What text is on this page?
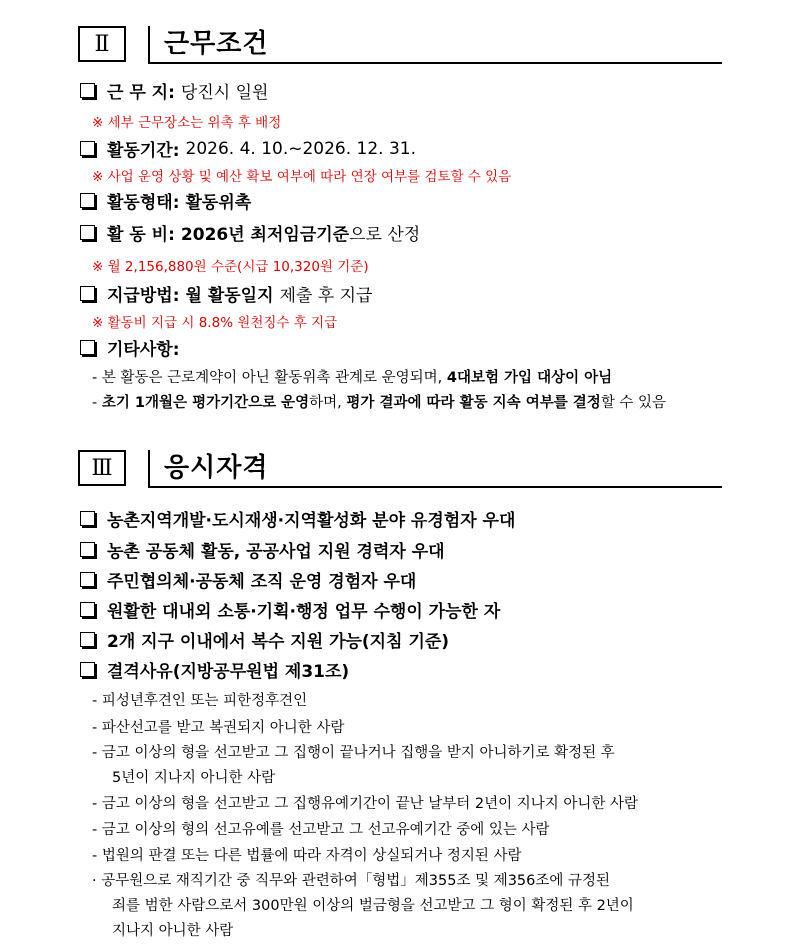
Ⅱ	근무조건
근 무 지: 당진시 일원
※ 세부 근무장소는 위촉 후 배정
활동기간: 2026. 4. 10.~2026. 12. 31.
※ 사업 운영 상황 및 예산 확보 여부에 따라 연장 여부를 검토할 수 있음
활동형태: 활동위촉
활 동 비: 2026년 최저임금기준 으로 산정
※ 월 2,156,880원 수준(시급 10,320원 기준)
지급방법: 월 활동일지 제출 후 지급
※ 활동비 지급 시 8.8% 원천징수 후 지급
기타사항:
- 본 활동은 근로계약이 아닌 활동위촉 관계로 운영되며, 4대보험 가입 대상이 아님
- 초기 1개월은 평가기간으로 운영하며, 평가 결과에 따라 활동 지속 여부를 결정할 수 있음
Ⅲ	응시자격
농촌지역개발·도시재생·지역활성화 분야 유경험자 우대
농촌 공동체 활동, 공공사업 지원 경력자 우대
주민협의체·공동체 조직 운영 경험자 우대
원활한 대내외 소통·기획·행정 업무 수행이 가능한 자
2개 지구 이내에서 복수 지원 가능(지침 기준)
결격사유(지방공무원법 제31조)
- 피성년후견인 또는 피한정후견인
- 파산선고를 받고 복권되지 아니한 사람
- 금고 이상의 형을 선고받고 그 집행이 끝나거나 집행을 받지 아니하기로 확정된 후
5년이 지나지 아니한 사람
- 금고 이상의 형을 선고받고 그 집행유예기간이 끝난 날부터 2년이 지나지 아니한 사람
- 금고 이상의 형의 선고유예를 선고받고 그 선고유예기간 중에 있는 사람
- 법원의 판결 또는 다른 법률에 따라 자격이 상실되거나 정지된 사람
· 공무원으로 재직기간 중 직무와 관련하여「형법」제355조 및 제356조에 규정된
죄를 범한 사람으로서 300만원 이상의 벌금형을 선고받고 그 형이 확정된 후 2년이
지나지 아니한 사람
